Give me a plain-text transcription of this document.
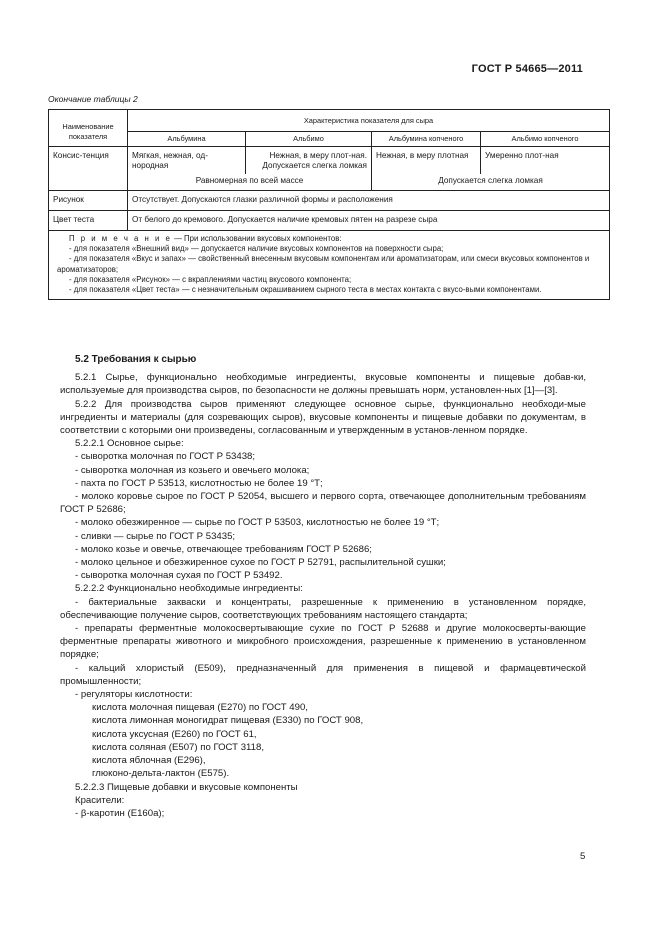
ГОСТ Р 54665—2011
Окончание таблицы 2
Наименование показателя	Характеристика показателя для сыра			
	Альбумина	Альбимо	Альбумина копченого	Альбимо копченого
Консис-тенция	Мягкая, нежная, од-нородная	Нежная, в меру плот-ная. Допускается слегка ломкая	Нежная, в меру плотная	Умеренно плот-ная
	Равномерная по всей массе		Допускается слегка ломкая	
Рисунок	Отсутствует. Допускаются глазки различной формы и расположения			
Цвет теста	От белого до кремового. Допускается наличие кремовых пятен на разрезе сыра			

П р и м е ч а н и е — При использовании вкусовых компонентов:
- для показателя «Внешний вид» — допускается наличие вкусовых компонентов на поверхности сыра;
- для показателя «Вкус и запах» — свойственный внесенным вкусовым компонентам или ароматизаторам, или смеси вкусовых компонентов и ароматизаторов;
- для показателя «Рисунок» — с вкраплениями частиц вкусового компонента;
- для показателя «Цвет теста» — с незначительным окрашиванием сырного теста в местах контакта с вкусо-выми компонентами.				

5.2 Требования к сырью

5.2.1 Сырье, функционально необходимые ингредиенты, вкусовые компоненты и пищевые добав-ки, используемые для производства сыров, по безопасности не должны превышать норм, установлен-ных [1]—[3].

5.2.2 Для производства сыров применяют следующее основное сырье, функционально необходи-мые ингредиенты и материалы (для созревающих сыров), вкусовые компоненты и пищевые добавки по документам, в соответствии с которыми они произведены, согласованным и утвержденным в установ-ленном порядке.

5.2.2.1 Основное сырье:

- сыворотка молочная по ГОСТ Р 53438;

- сыворотка молочная из козьего и овечьего молока;

- пахта по ГОСТ Р 53513, кислотностью не более 19 °Т;

- молоко коровье сырое по ГОСТ Р 52054, высшего и первого сорта, отвечающее дополнительным требованиям ГОСТ Р 52686;

- молоко обезжиренное — сырье по ГОСТ Р 53503, кислотностью не более 19 °Т;

- сливки — сырье по ГОСТ Р 53435;

- молоко козье и овечье, отвечающее требованиям ГОСТ Р 52686;

- молоко цельное и обезжиренное сухое по ГОСТ Р 52791, распылительной сушки;

- сыворотка молочная сухая по ГОСТ Р 53492.

5.2.2.2 Функционально необходимые ингредиенты:

- бактериальные закваски и концентраты, разрешенные к применению в установленном порядке, обеспечивающие получение сыров, соответствующих требованиям настоящего стандарта;

- препараты ферментные молокосвертывающие сухие по ГОСТ Р 52688 и другие молокосверты-вающие ферментные препараты животного и микробного происхождения, разрешенные к применению в установленном порядке;

- кальций хлористый (Е509), предназначенный для применения в пищевой и фармацевтической промышленности;

- регуляторы кислотности:

кислота молочная пищевая (Е270) по ГОСТ 490,

кислота лимонная моногидрат пищевая (Е330) по ГОСТ 908,

кислота уксусная (Е260) по ГОСТ 61,

кислота соляная (Е507) по ГОСТ 3118,

кислота яблочная (Е296),

глюконо-дельта-лактон (Е575).

5.2.2.3 Пищевые добавки и вкусовые компоненты

Красители:

- β-каротин (Е160а);

5
